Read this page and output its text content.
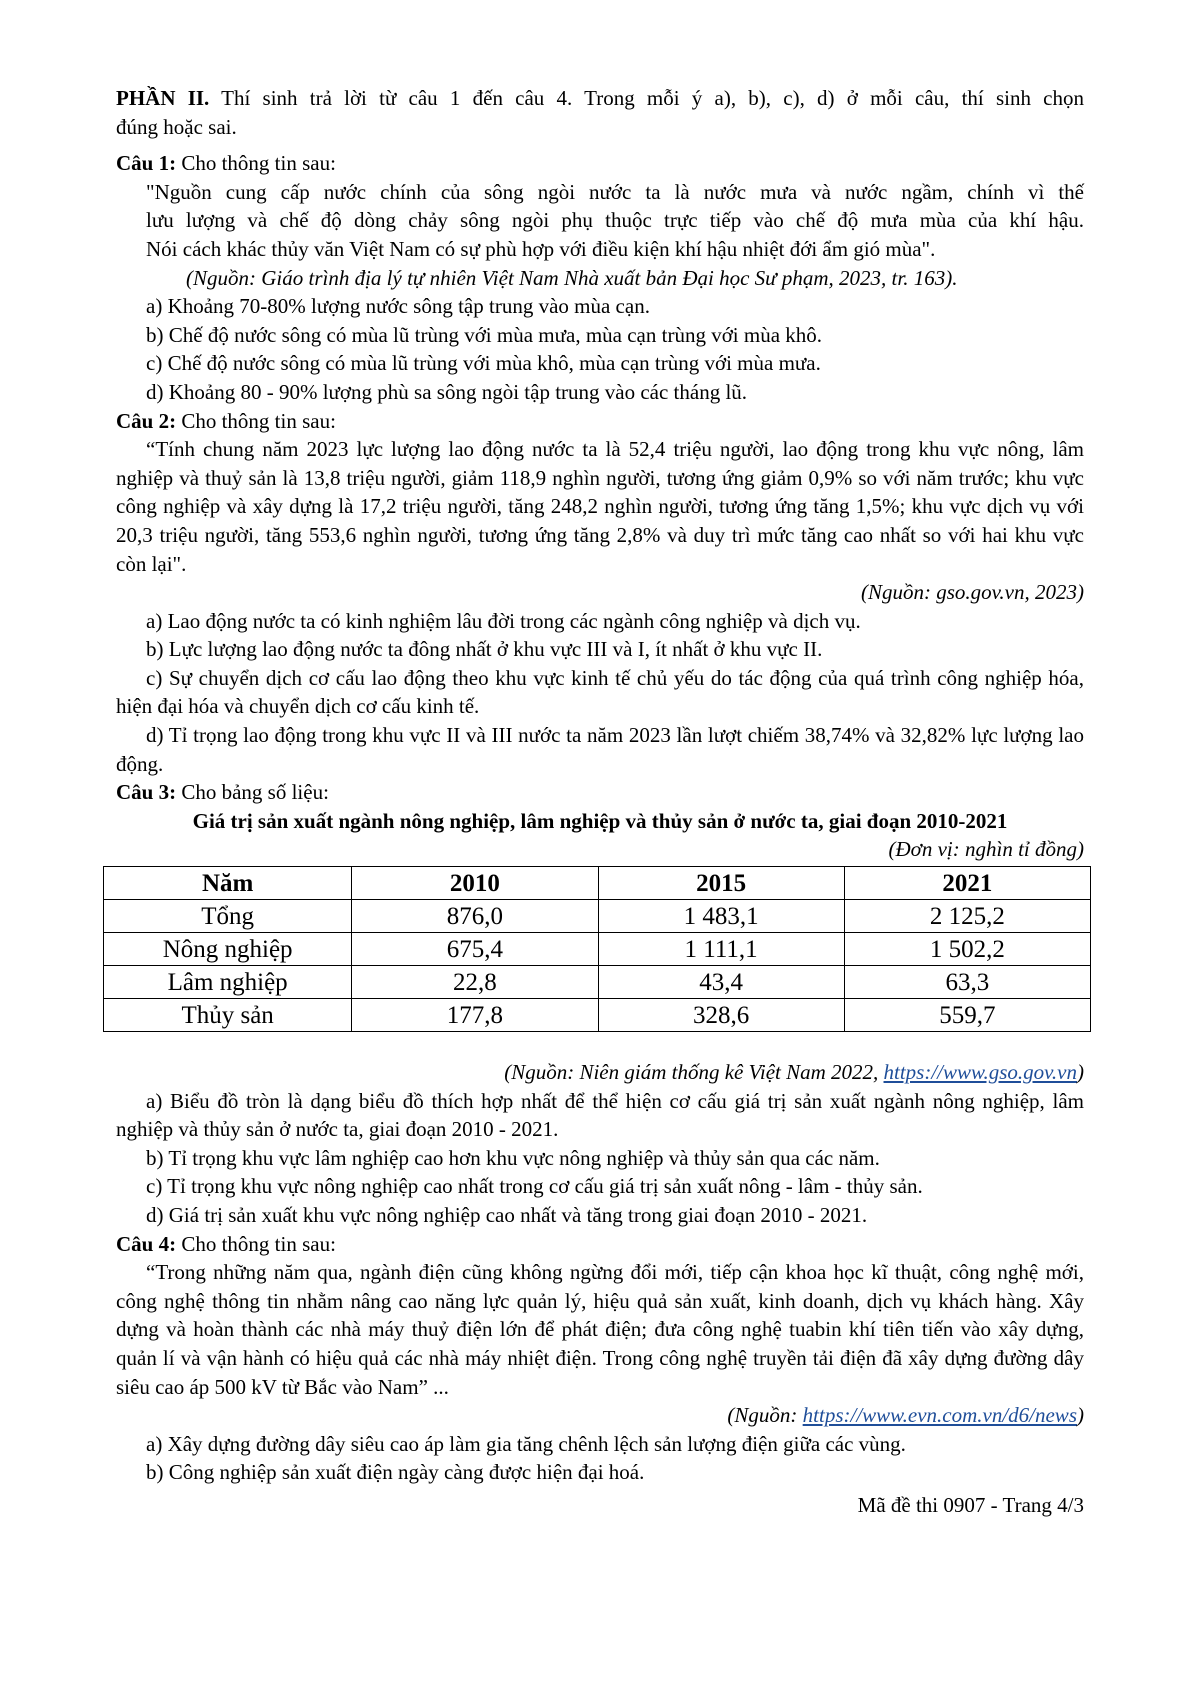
PHẦN II. Thí sinh trả lời từ câu 1 đến câu 4. Trong mỗi ý a), b), c), d) ở mỗi câu, thí sinh chọn

đúng hoặc sai.

Câu 1: Cho thông tin sau:

"Nguồn cung cấp nước chính của sông ngòi nước ta là nước mưa và nước ngầm, chính vì thế

lưu lượng và chế độ dòng chảy sông ngòi phụ thuộc trực tiếp vào chế độ mưa mùa của khí hậu.

Nói cách khác thủy văn Việt Nam có sự phù hợp với điều kiện khí hậu nhiệt đới ẩm gió mùa".

(Nguồn: Giáo trình địa lý tự nhiên Việt Nam Nhà xuất bản Đại học Sư phạm, 2023, tr. 163).

a) Khoảng 70-80% lượng nước sông tập trung vào mùa cạn.

b) Chế độ nước sông có mùa lũ trùng với mùa mưa, mùa cạn trùng với mùa khô.

c) Chế độ nước sông có mùa lũ trùng với mùa khô, mùa cạn trùng với mùa mưa.

d) Khoảng 80 - 90% lượng phù sa sông ngòi tập trung vào các tháng lũ.

Câu 2: Cho thông tin sau:

“Tính chung năm 2023 lực lượng lao động nước ta là 52,4 triệu người, lao động trong khu vực nông, lâm nghiệp và thuỷ sản là 13,8 triệu người, giảm 118,9 nghìn người, tương ứng giảm 0,9% so với năm trước; khu vực công nghiệp và xây dựng là 17,2 triệu người, tăng 248,2 nghìn người, tương ứng tăng 1,5%; khu vực dịch vụ với 20,3 triệu người, tăng 553,6 nghìn người, tương ứng tăng 2,8% và duy trì mức tăng cao nhất so với hai khu vực còn lại".

(Nguồn: gso.gov.vn, 2023)

a) Lao động nước ta có kinh nghiệm lâu đời trong các ngành công nghiệp và dịch vụ.

b) Lực lượng lao động nước ta đông nhất ở khu vực III và I, ít nhất ở khu vực II.

c) Sự chuyển dịch cơ cấu lao động theo khu vực kinh tế chủ yếu do tác động của quá trình công nghiệp hóa, hiện đại hóa và chuyển dịch cơ cấu kinh tế.

d) Tỉ trọng lao động trong khu vực II và III nước ta năm 2023 lần lượt chiếm 38,74% và 32,82% lực lượng lao động.

Câu 3: Cho bảng số liệu:

Giá trị sản xuất ngành nông nghiệp, lâm nghiệp và thủy sản ở nước ta, giai đoạn 2010-2021

(Đơn vị: nghìn tỉ đồng)

Năm	2010	2015	2021
Tổng	876,0	1 483,1	2 125,2
Nông nghiệp	675,4	1 111,1	1 502,2
Lâm nghiệp	22,8	43,4	63,3
Thủy sản	177,8	328,6	559,7

(Nguồn: Niên giám thống kê Việt Nam 2022, https://www.gso.gov.vn)

a) Biểu đồ tròn là dạng biểu đồ thích hợp nhất để thể hiện cơ cấu giá trị sản xuất ngành nông nghiệp, lâm nghiệp và thủy sản ở nước ta, giai đoạn 2010 - 2021.

b) Tỉ trọng khu vực lâm nghiệp cao hơn khu vực nông nghiệp và thủy sản qua các năm.

c) Tỉ trọng khu vực nông nghiệp cao nhất trong cơ cấu giá trị sản xuất nông - lâm - thủy sản.

d) Giá trị sản xuất khu vực nông nghiệp cao nhất và tăng trong giai đoạn 2010 - 2021.

Câu 4: Cho thông tin sau:

“Trong những năm qua, ngành điện cũng không ngừng đổi mới, tiếp cận khoa học kĩ thuật, công nghệ mới, công nghệ thông tin nhằm nâng cao năng lực quản lý, hiệu quả sản xuất, kinh doanh, dịch vụ khách hàng. Xây dựng và hoàn thành các nhà máy thuỷ điện lớn để phát điện; đưa công nghệ tuabin khí tiên tiến vào xây dựng, quản lí và vận hành có hiệu quả các nhà máy nhiệt điện. Trong công nghệ truyền tải điện đã xây dựng đường dây siêu cao áp 500 kV từ Bắc vào Nam” ...

(Nguồn: https://www.evn.com.vn/d6/news)

a) Xây dựng đường dây siêu cao áp làm gia tăng chênh lệch sản lượng điện giữa các vùng.

b) Công nghiệp sản xuất điện ngày càng được hiện đại hoá.

Mã đề thi 0907 - Trang 4/3
